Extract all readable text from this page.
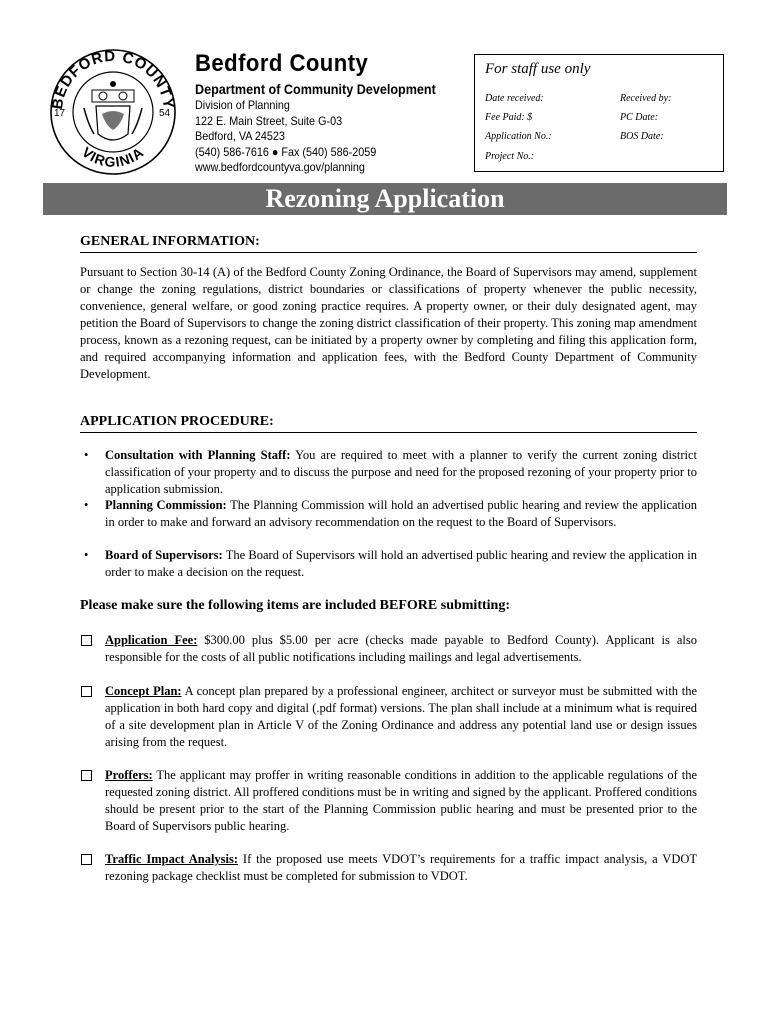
BEDFORD COUNTY
VIRGINIA
17	54
Bedford County
Department of Community Development
Division of Planning
122 E. Main Street, Suite G-03
Bedford, VA 24523
(540) 586-7616 ● Fax (540) 586-2059
www.bedfordcountyva.gov/planning
For staff use only
Date received:	Received by:
Fee Paid: $	PC Date:
Application No.:	BOS Date:
Project No.:
Rezoning Application
GENERAL INFORMATION:
Pursuant to Section 30-14 (A) of the Bedford County Zoning Ordinance, the Board of Supervisors may amend, supplement or change the zoning regulations, district boundaries or classifications of property whenever the public necessity, convenience, general welfare, or good zoning practice requires. A property owner, or their duly designated agent, may petition the Board of Supervisors to change the zoning district classification of their property. This zoning map amendment process, known as a rezoning request, can be initiated by a property owner by completing and filing this application form, and required accompanying information and application fees, with the Bedford County Department of Community Development.
APPLICATION PROCEDURE:
• Consultation with Planning Staff: You are required to meet with a planner to verify the current zoning district classification of your property and to discuss the purpose and need for the proposed rezoning of your property prior to application submission.
• Planning Commission: The Planning Commission will hold an advertised public hearing and review the application in order to make and forward an advisory recommendation on the request to the Board of Supervisors.
• Board of Supervisors: The Board of Supervisors will hold an advertised public hearing and review the application in order to make a decision on the request.
Please make sure the following items are included BEFORE submitting:
Application Fee: $300.00 plus $5.00 per acre (checks made payable to Bedford County). Applicant is also responsible for the costs of all public notifications including mailings and legal advertisements.
Concept Plan: A concept plan prepared by a professional engineer, architect or surveyor must be submitted with the application in both hard copy and digital (.pdf format) versions. The plan shall include at a minimum what is required of a site development plan in Article V of the Zoning Ordinance and address any potential land use or design issues arising from the request.
Proffers: The applicant may proffer in writing reasonable conditions in addition to the applicable regulations of the requested zoning district. All proffered conditions must be in writing and signed by the applicant. Proffered conditions should be present prior to the start of the Planning Commission public hearing and must be presented prior to the Board of Supervisors public hearing.
Traffic Impact Analysis: If the proposed use meets VDOT’s requirements for a traffic impact analysis, a VDOT rezoning package checklist must be completed for submission to VDOT.
